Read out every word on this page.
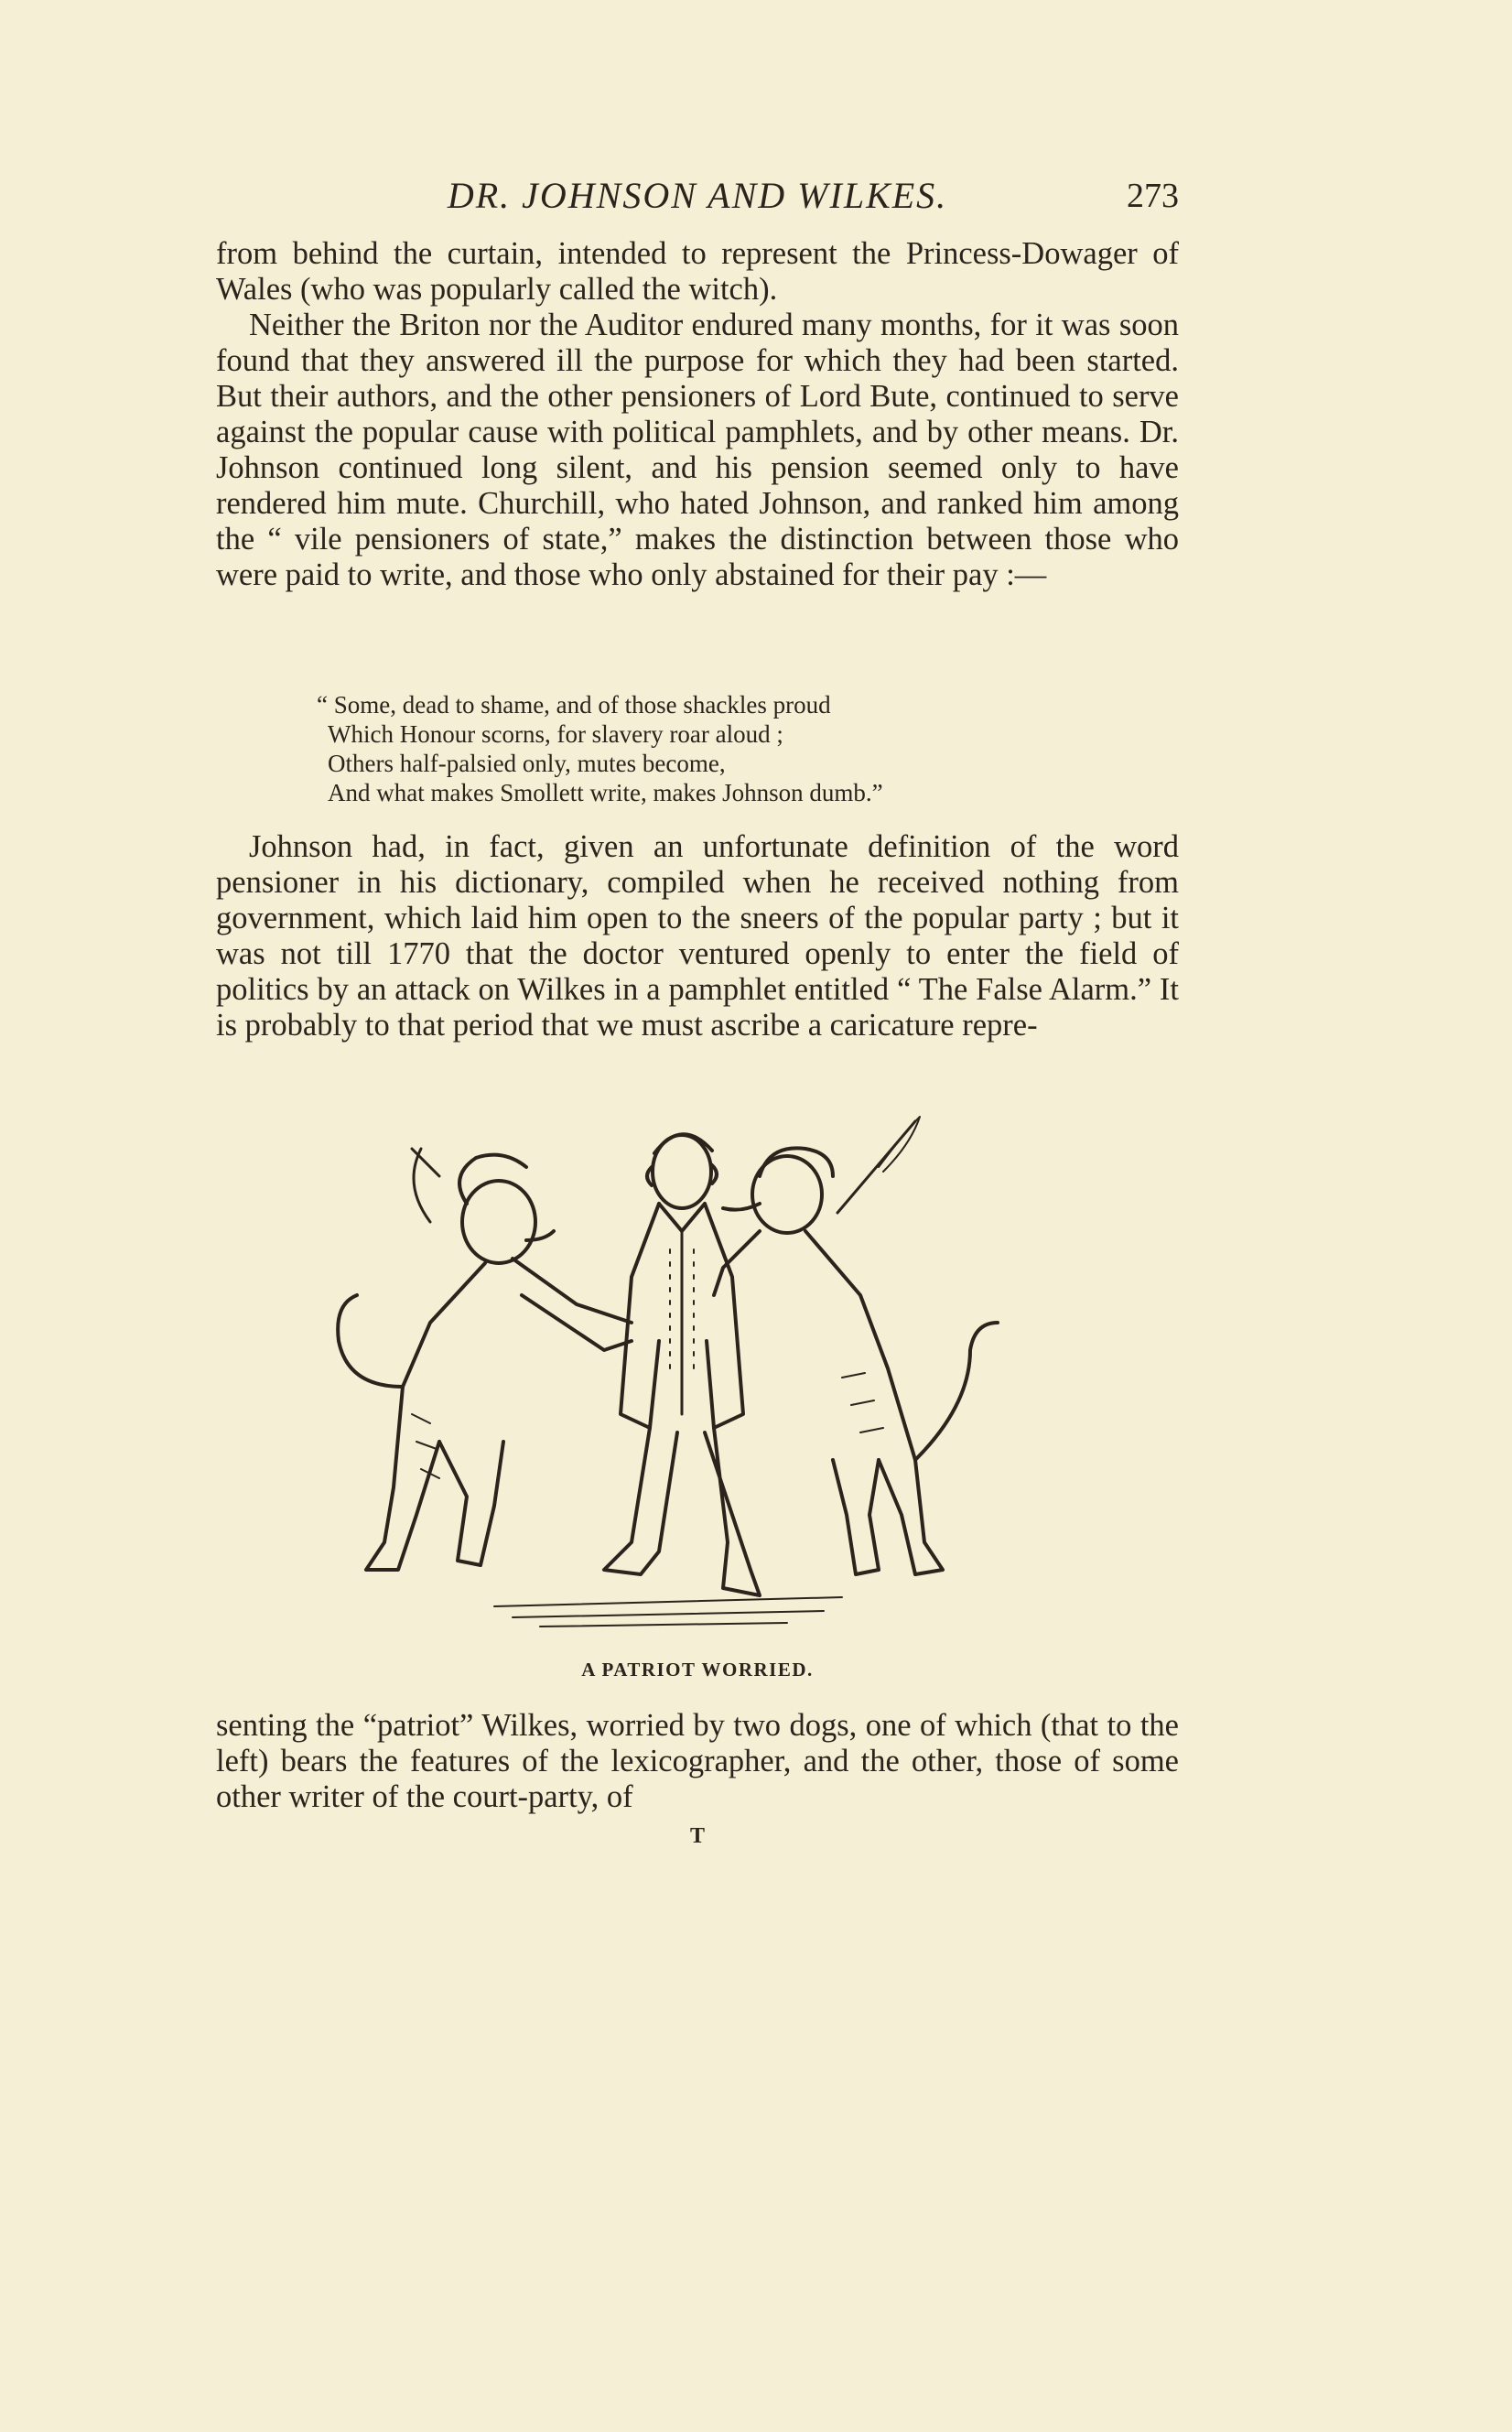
DR. JOHNSON AND WILKES.	273

from behind the curtain, intended to represent the Princess-Dowager of Wales (who was popularly called the witch).

Neither the Briton nor the Auditor endured many months, for it was soon found that they answered ill the purpose for which they had been started. But their authors, and the other pensioners of Lord Bute, continued to serve against the popular cause with political pamphlets, and by other means. Dr. Johnson continued long silent, and his pension seemed only to have rendered him mute. Churchill, who hated Johnson, and ranked him among the “ vile pensioners of state,” makes the distinction between those who were paid to write, and those who only abstained for their pay :—

“ Some, dead to shame, and of those shackles proud
Which Honour scorns, for slavery roar aloud ;
Others half-palsied only, mutes become,
And what makes Smollett write, makes Johnson dumb.”

Johnson had, in fact, given an unfortunate definition of the word pensioner in his dictionary, compiled when he received nothing from government, which laid him open to the sneers of the popular party ; but it was not till 1770 that the doctor ventured openly to enter the field of politics by an attack on Wilkes in a pamphlet entitled “ The False Alarm.” It is probably to that period that we must ascribe a caricature repre-

A PATRIOT WORRIED.

senting the “patriot” Wilkes, worried by two dogs, one of which (that to the left) bears the features of the lexicographer, and the other, those of some other writer of the court-party, of

T
